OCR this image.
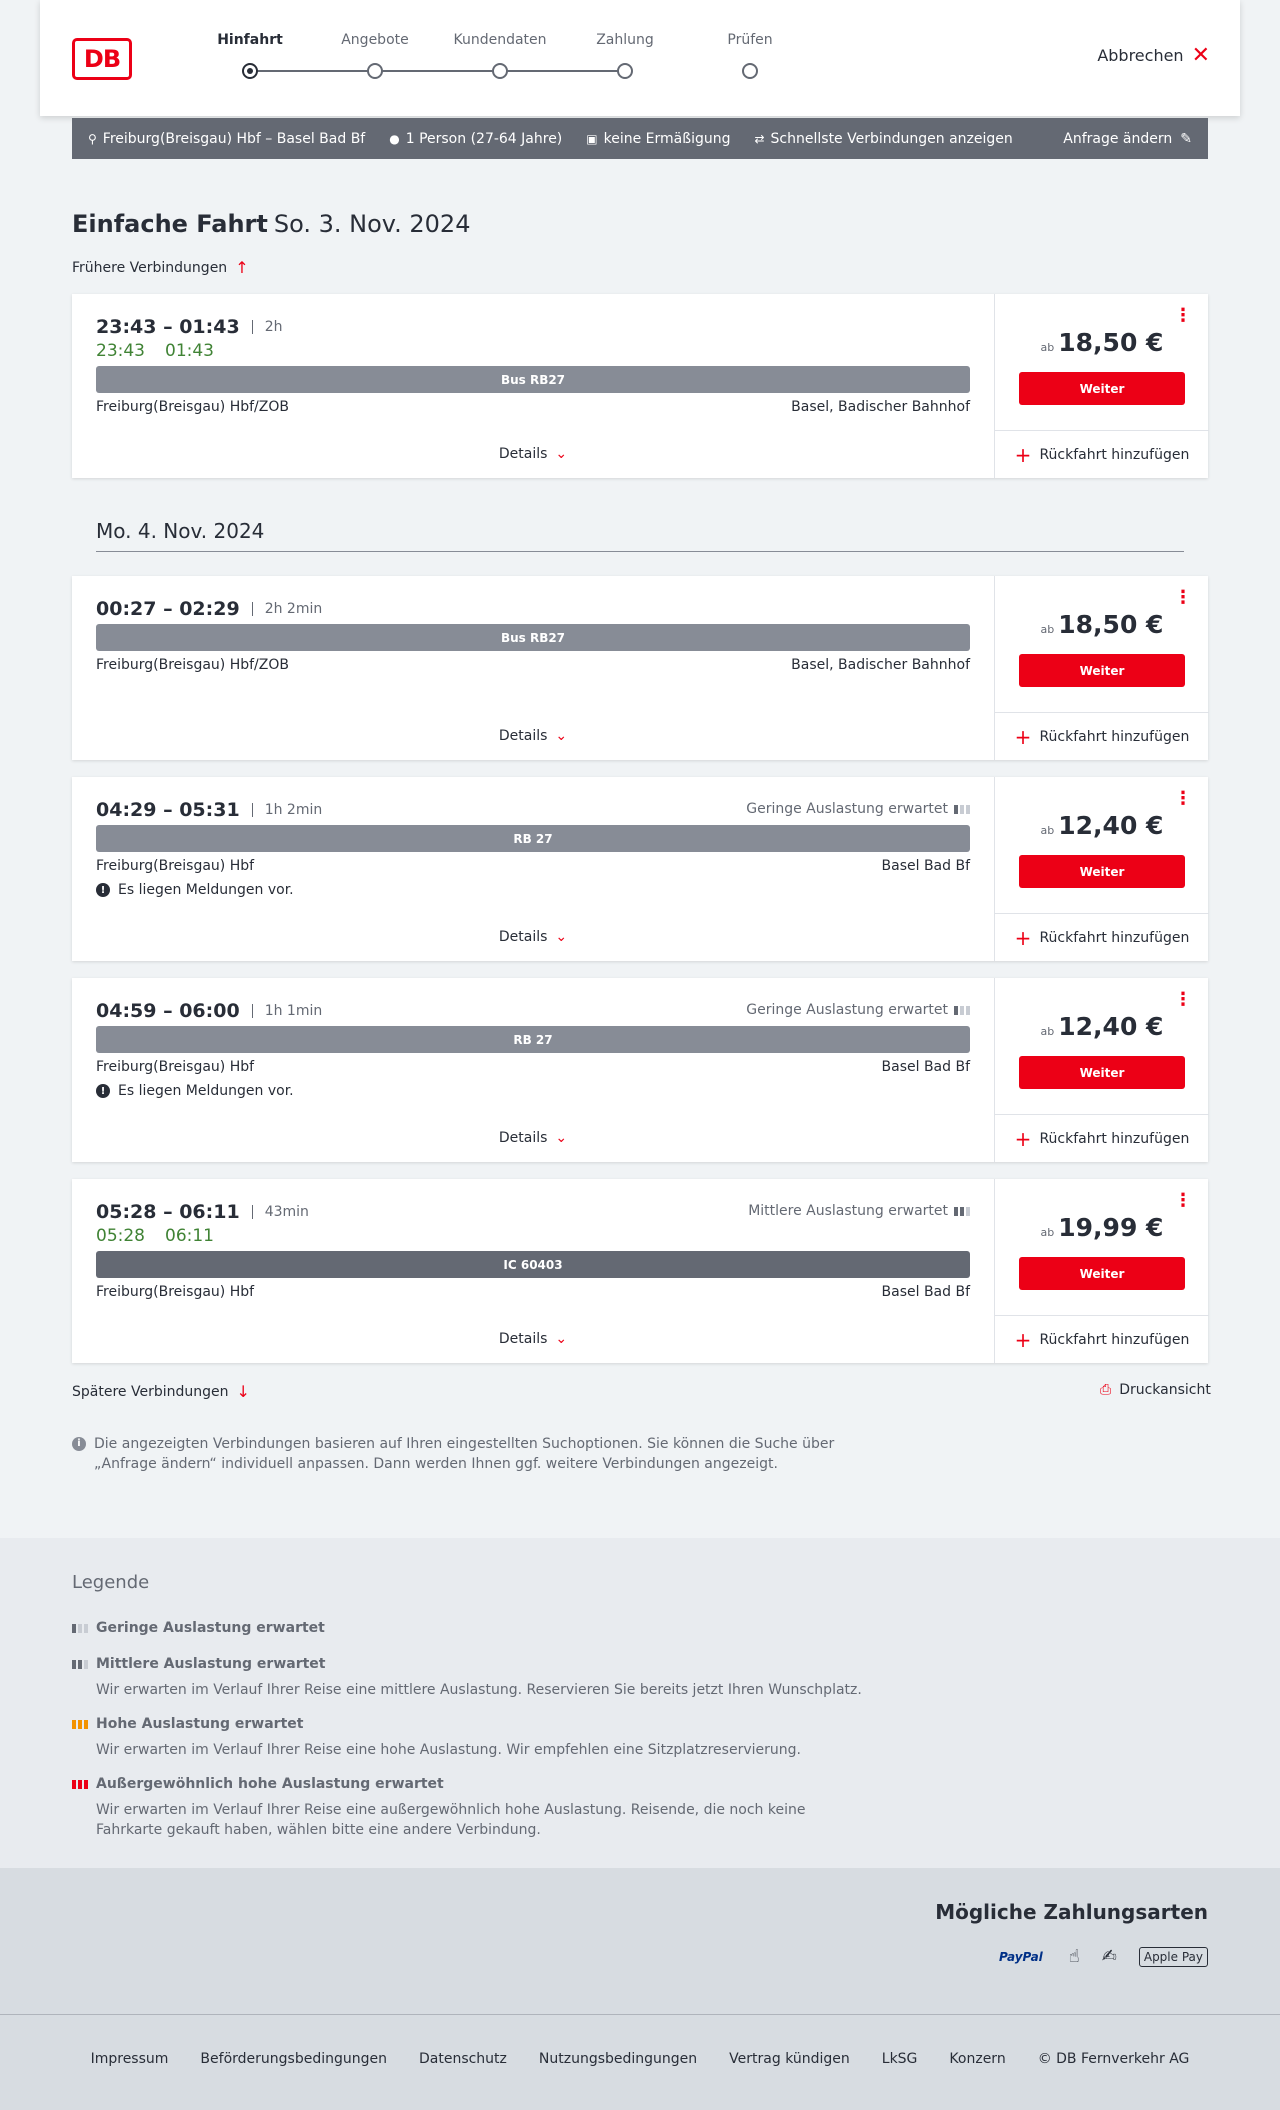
DB
Hinfahrt	Angebote	Kundendaten	Zahlung	Prüfen
Abbrechen ✕
⚲ Freiburg(Breisgau) Hbf – Basel Bad Bf ● 1 Person (27-64 Jahre) ▣ keine Ermäßigung ⇄ Schnellste Verbindungen anzeigen	Anfrage ändern ✎
Einfache Fahrt So. 3. Nov. 2024
Frühere Verbindungen ↑
23:43 – 01:43	2h
23:43 01:43
Bus RB27
Freiburg(Breisgau) Hbf/ZOB	Basel, Badischer Bahnhof
Details ⌄
⋮
ab 18,50 €
Weiter
+ Rückfahrt hinzufügen
Mo. 4. Nov. 2024
00:27 – 02:29	2h 2min
Bus RB27
Freiburg(Breisgau) Hbf/ZOB	Basel, Badischer Bahnhof
Details ⌄
⋮
ab 18,50 €
Weiter
+ Rückfahrt hinzufügen
04:29 – 05:31	1h 2min	Geringe Auslastung erwartet
RB 27
Freiburg(Breisgau) Hbf	Basel Bad Bf
! Es liegen Meldungen vor.
Details ⌄
⋮
ab 12,40 €
Weiter
+ Rückfahrt hinzufügen
04:59 – 06:00	1h 1min	Geringe Auslastung erwartet
RB 27
Freiburg(Breisgau) Hbf	Basel Bad Bf
! Es liegen Meldungen vor.
Details ⌄
⋮
ab 12,40 €
Weiter
+ Rückfahrt hinzufügen
05:28 – 06:11	43min	Mittlere Auslastung erwartet
05:28 06:11
IC 60403
Freiburg(Breisgau) Hbf	Basel Bad Bf
Details ⌄
⋮
ab 19,99 €
Weiter
+ Rückfahrt hinzufügen
Spätere Verbindungen ↓	⎙ Druckansicht
i Die angezeigten Verbindungen basieren auf Ihren eingestellten Suchoptionen. Sie können die Suche über „Anfrage ändern“ individuell anpassen. Dann werden Ihnen ggf. weitere Verbindungen angezeigt.
Legende
Geringe Auslastung erwartet
Mittlere Auslastung erwartet
Wir erwarten im Verlauf Ihrer Reise eine mittlere Auslastung. Reservieren Sie bereits jetzt Ihren Wunschplatz.
Hohe Auslastung erwartet
Wir erwarten im Verlauf Ihrer Reise eine hohe Auslastung. Wir empfehlen eine Sitzplatzreservierung.
Außergewöhnlich hohe Auslastung erwartet
Wir erwarten im Verlauf Ihrer Reise eine außergewöhnlich hohe Auslastung. Reisende, die noch keine Fahrkarte gekauft haben, wählen bitte eine andere Verbindung.
Mögliche Zahlungsarten
PayPal ☝ ✍	Apple Pay
Impressum Beförderungsbedingungen Datenschutz Nutzungsbedingungen Vertrag kündigen LkSG Konzern © DB Fernverkehr AG
